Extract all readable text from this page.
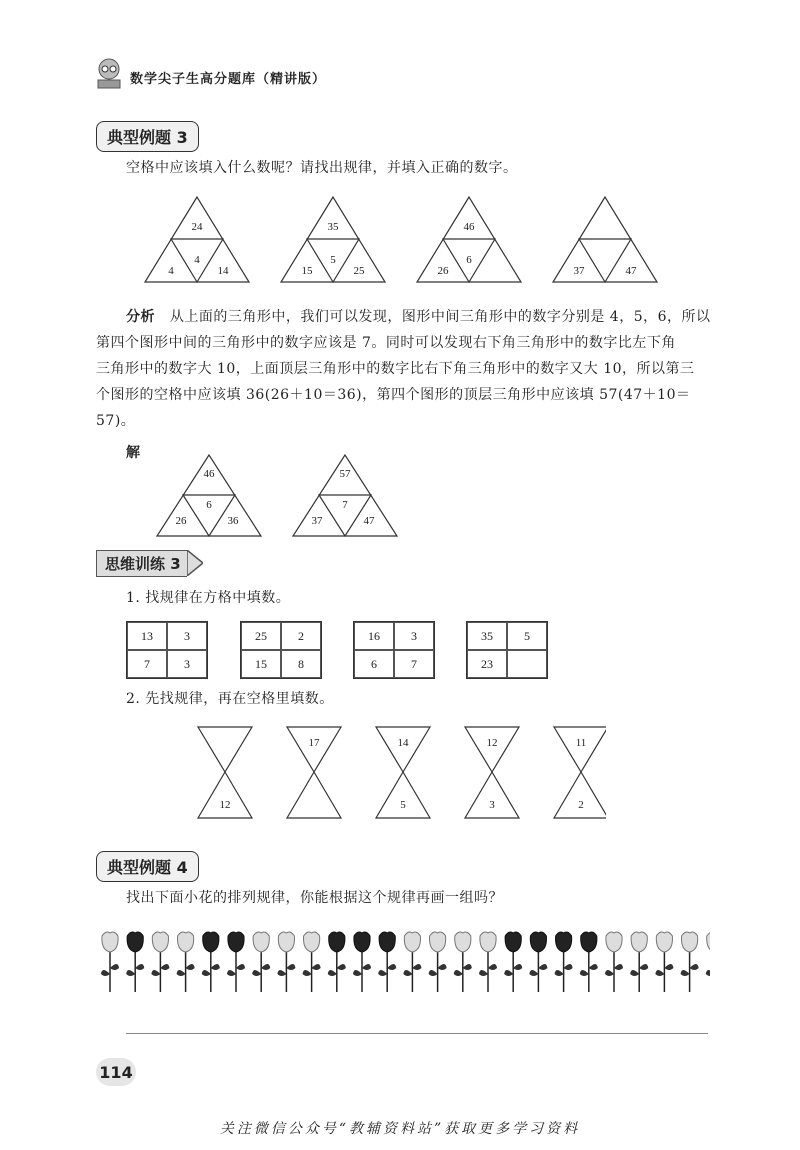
数学尖子生高分题库（精讲版）
典型例题 3
空格中应该填入什么数呢？请找出规律，并填入正确的数字。
24
4
4	14
35
5
15	25
46
6
26	37	47
分析 从上面的三角形中，我们可以发现，图形中间三角形中的数字分别是 4，5，6，所以
第四个图形中间的三角形中的数字应该是 7。同时可以发现右下角三角形中的数字比左下角
三角形中的数字大 10，上面顶层三角形中的数字比右下角三角形中的数字又大 10，所以第三
个图形的空格中应该填 36(26＋10＝36)，第四个图形的顶层三角形中应该填 57(47＋10＝
57)。
解
46
6
26	36
57
7
37	47
思维训练 3
1. 找规律在方格中填数。
13	3
7	3
25	2
15	8
16	3
6	7
35	5
23
2. 先找规律，再在空格里填数。
12
17	14
5
12
3
11
2
典型例题 4
找出下面小花的排列规律，你能根据这个规律再画一组吗？
114
关注微信公众号“教辅资料站”获取更多学习资料
